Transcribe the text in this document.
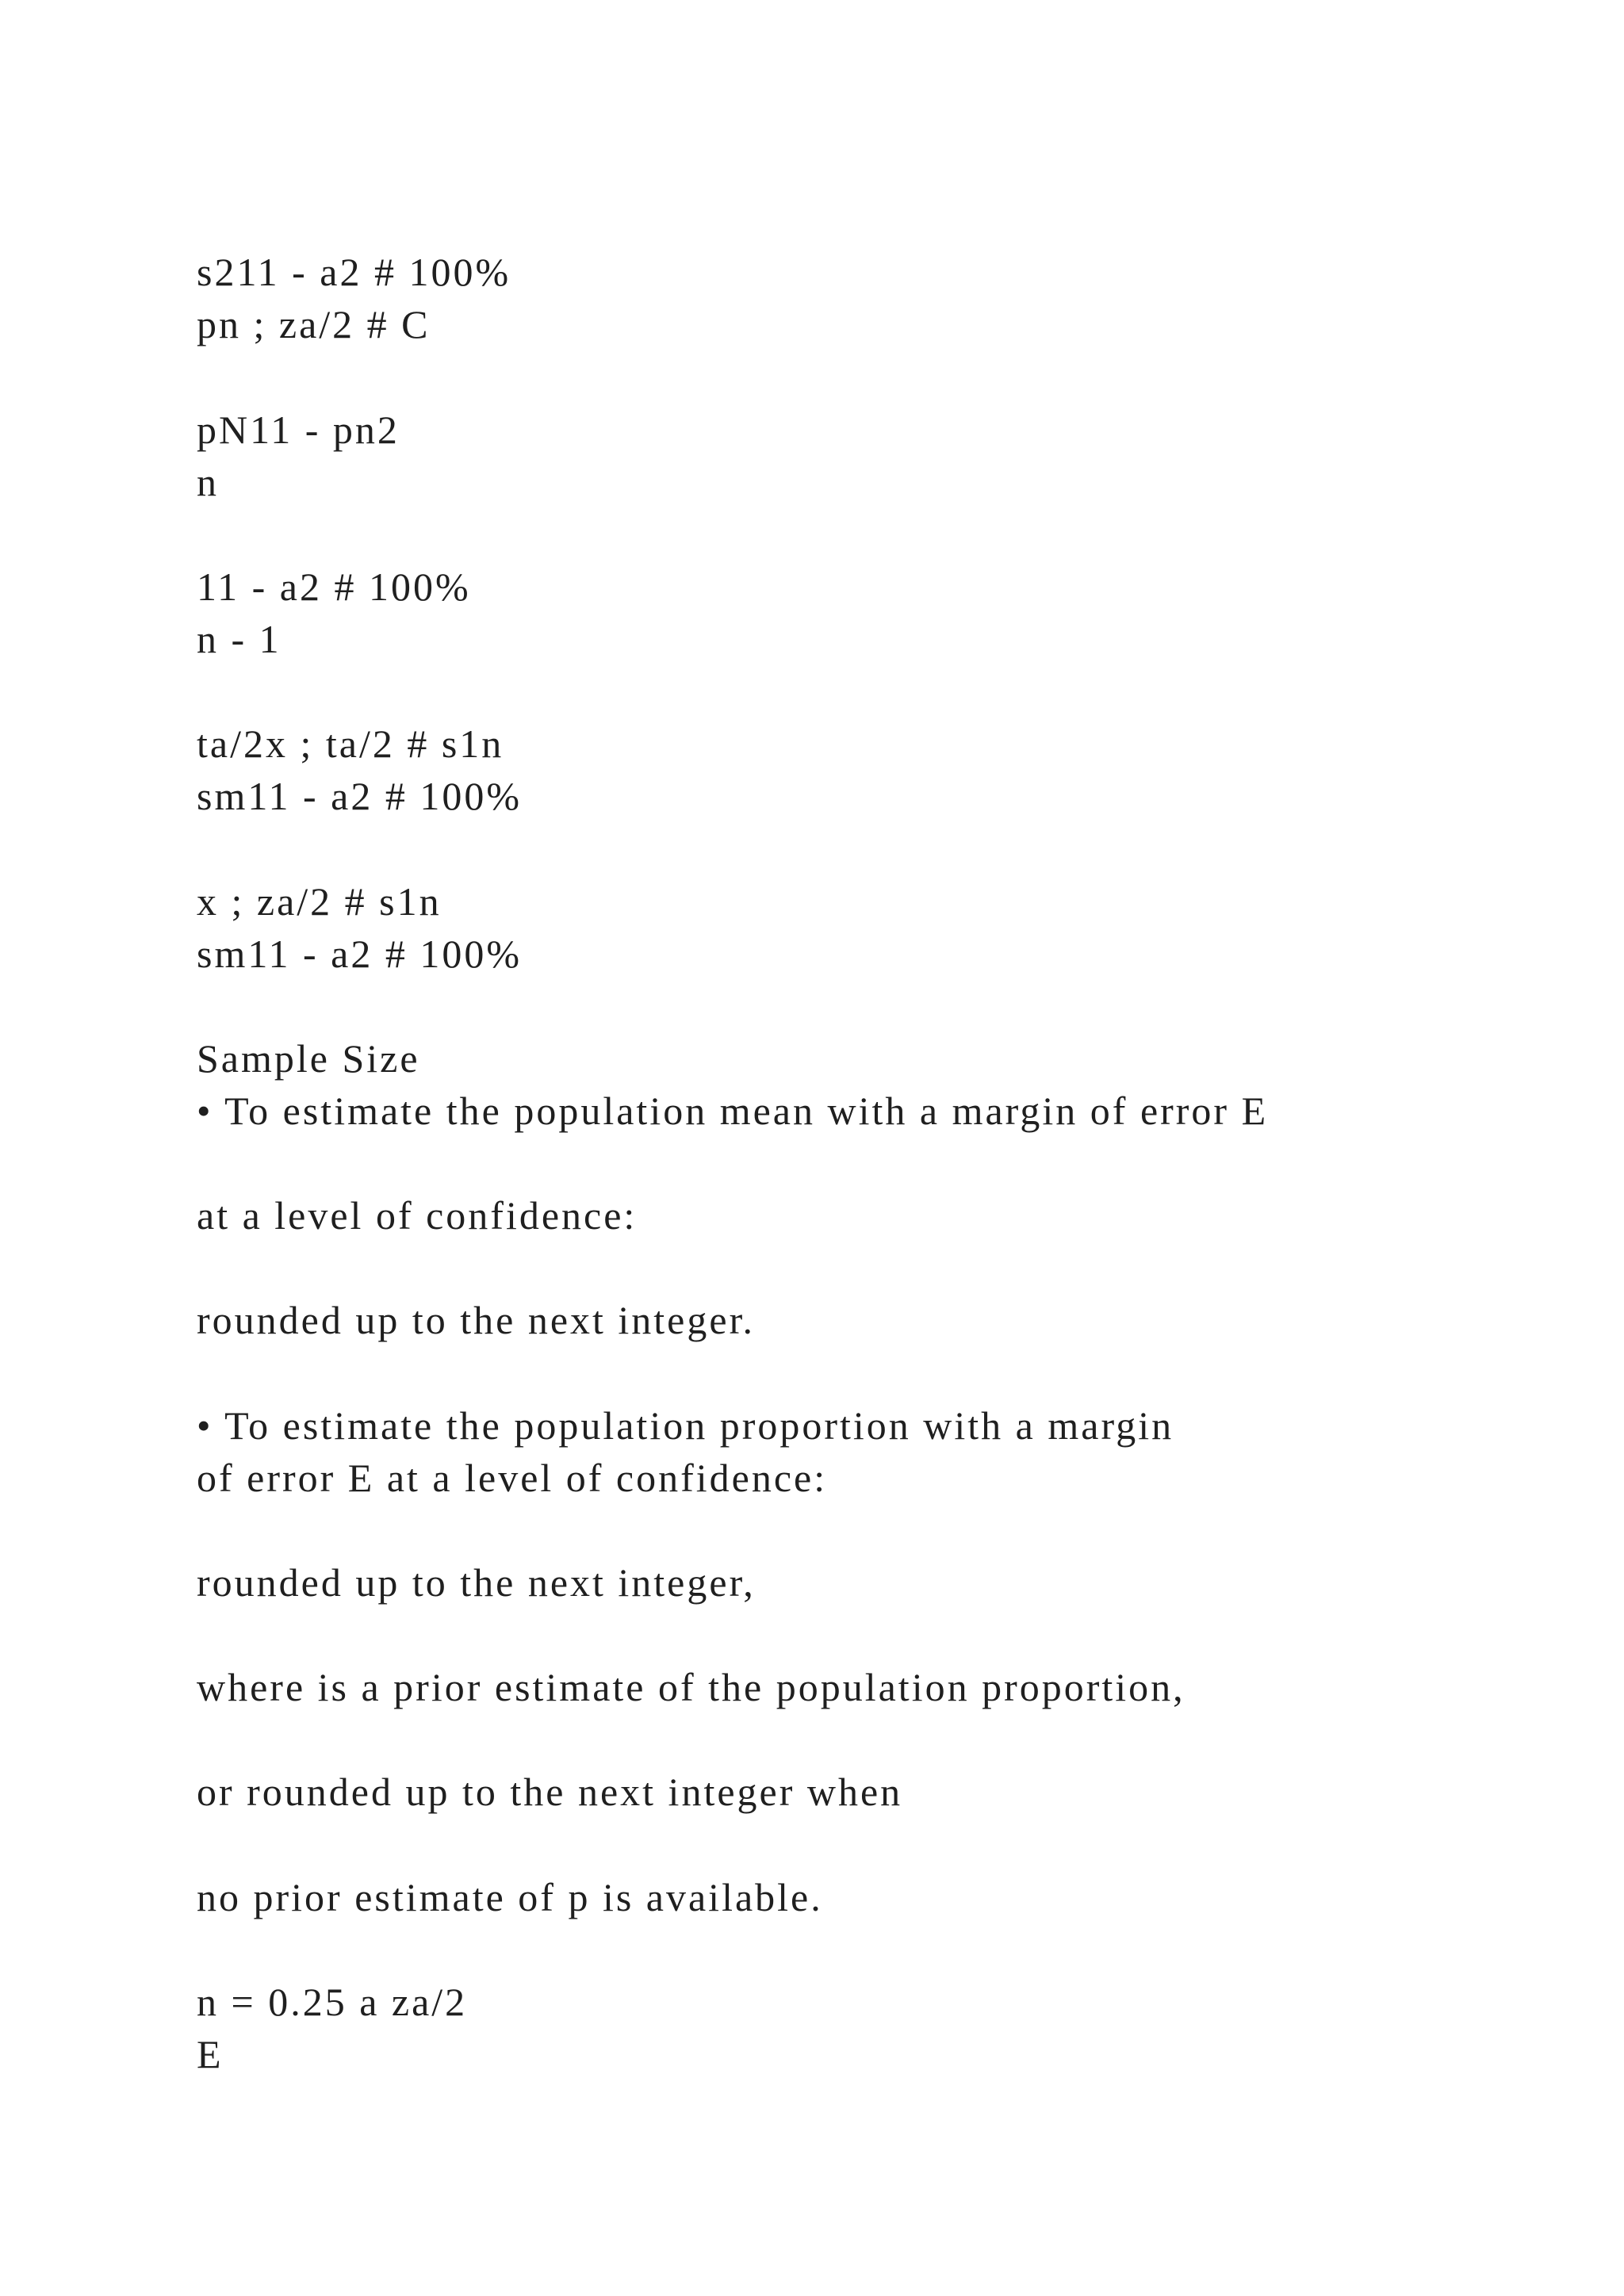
s211 - a2 # 100%

pn ; za/2 # C

pN11 - pn2

n

11 - a2 # 100%

n - 1

ta/2x ; ta/2 # s1n

sm11 - a2 # 100%

x ; za/2 # s1n

sm11 - a2 # 100%

Sample Size

• To estimate the population mean with a margin of error E

at a level of confidence:

rounded up to the next integer.

• To estimate the population proportion with a margin

of error E at a level of confidence:

rounded up to the next integer,

where is a prior estimate of the population proportion,

or rounded up to the next integer when

no prior estimate of p is available.

n = 0.25 a za/2

E
